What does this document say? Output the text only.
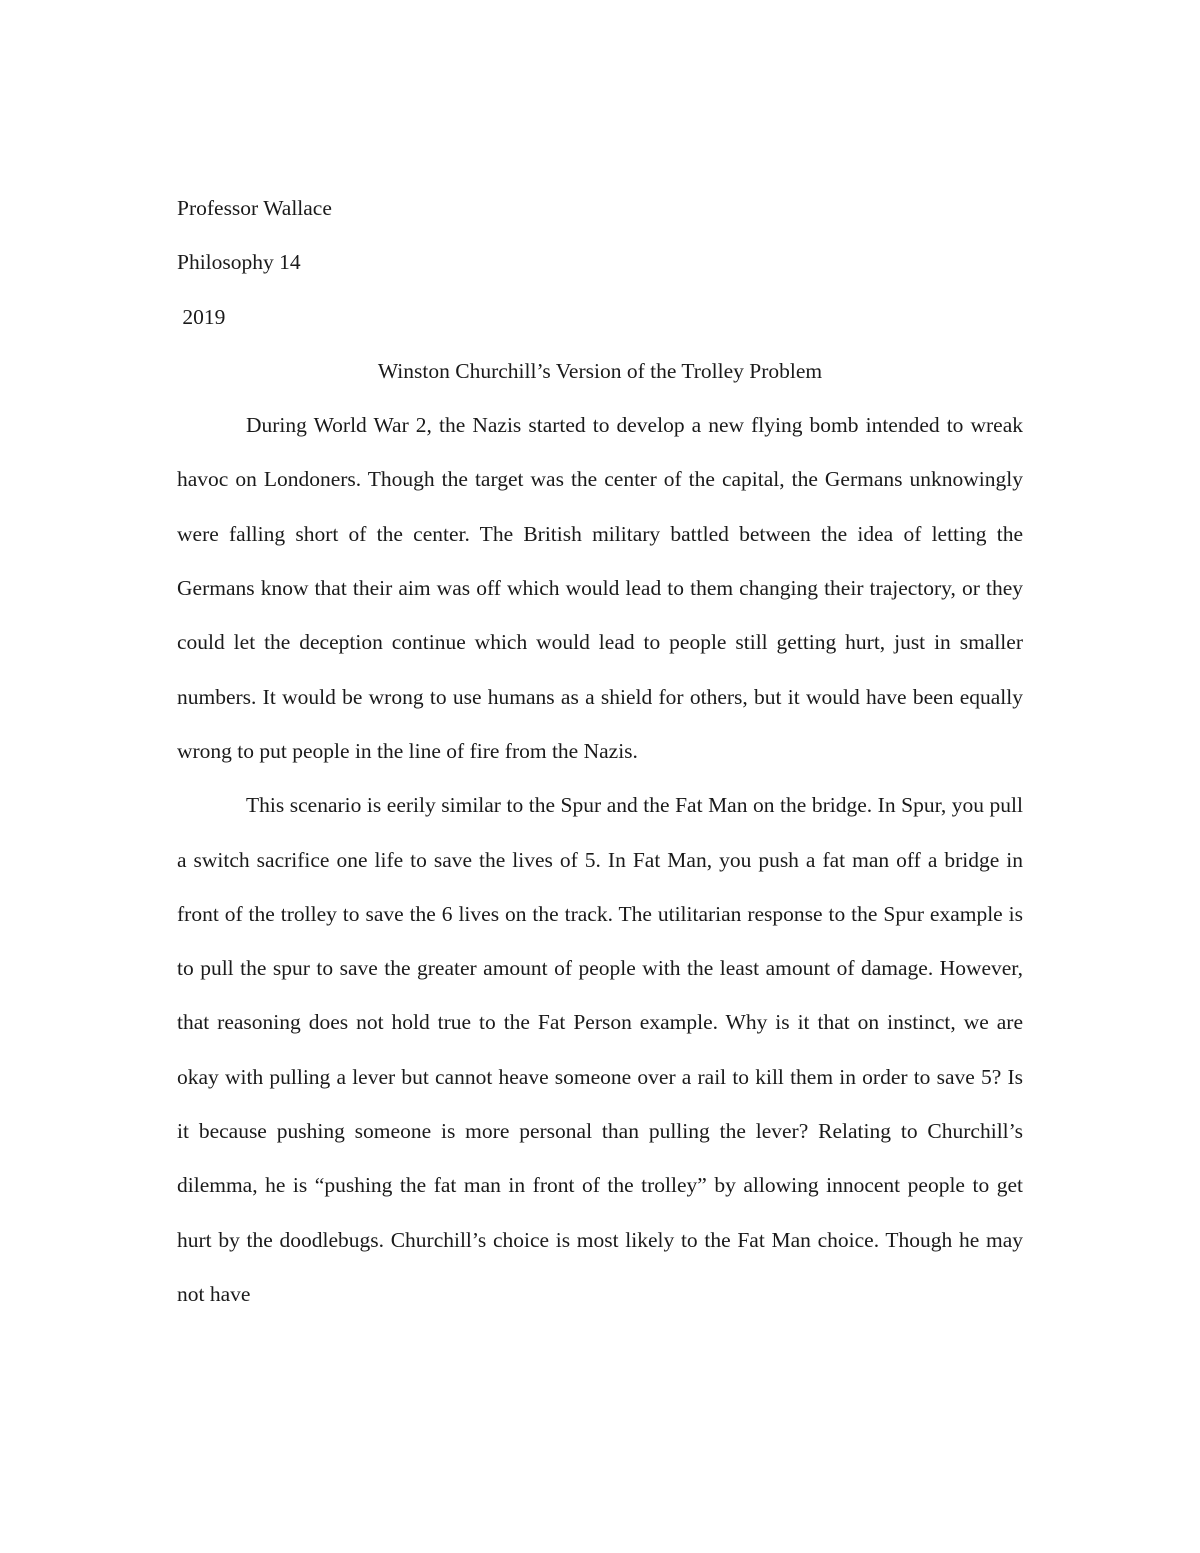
Professor Wallace

Philosophy 14

2019

Winston Churchill’s Version of the Trolley Problem

During World War 2, the Nazis started to develop a new flying bomb intended to wreak havoc on Londoners. Though the target was the center of the capital, the Germans unknowingly were falling short of the center. The British military battled between the idea of letting the Germans know that their aim was off which would lead to them changing their trajectory, or they could let the deception continue which would lead to people still getting hurt, just in smaller numbers. It would be wrong to use humans as a shield for others, but it would have been equally wrong to put people in the line of fire from the Nazis.

This scenario is eerily similar to the Spur and the Fat Man on the bridge. In Spur, you pull a switch sacrifice one life to save the lives of 5. In Fat Man, you push a fat man off a bridge in front of the trolley to save the 6 lives on the track. The utilitarian response to the Spur example is to pull the spur to save the greater amount of people with the least amount of damage. However, that reasoning does not hold true to the Fat Person example. Why is it that on instinct, we are okay with pulling a lever but cannot heave someone over a rail to kill them in order to save 5? Is it because pushing someone is more personal than pulling the lever? Relating to Churchill’s dilemma, he is “pushing the fat man in front of the trolley” by allowing innocent people to get hurt by the doodlebugs. Churchill’s choice is most likely to the Fat Man choice. Though he may not have
